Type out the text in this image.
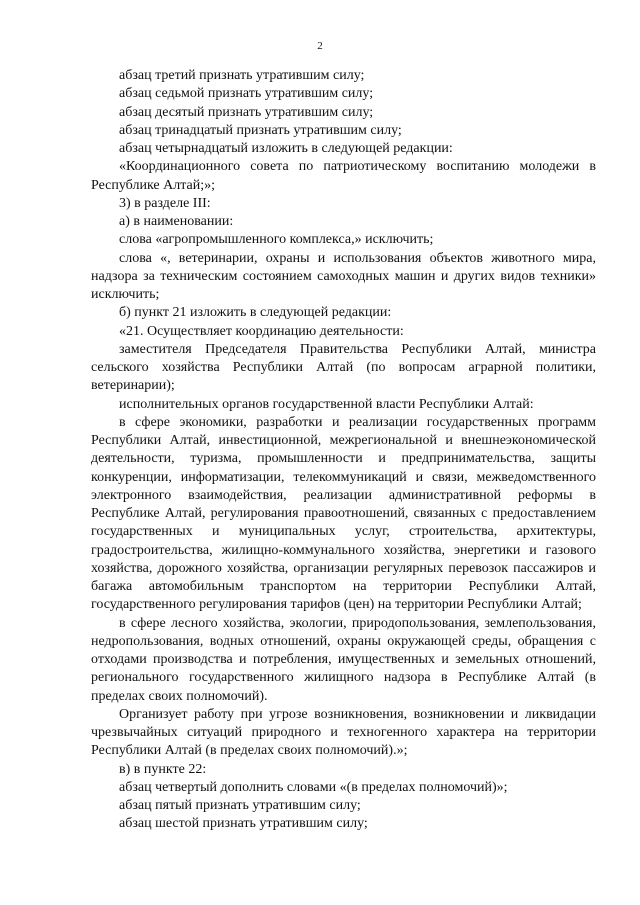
2

абзац третий признать утратившим силу;

абзац седьмой признать утратившим силу;

абзац десятый признать утратившим силу;

абзац тринадцатый признать утратившим силу;

абзац четырнадцатый изложить в следующей редакции:

«Координационного совета по патриотическому воспитанию молодежи в Республике Алтай;»;

3) в разделе III:

а) в наименовании:

слова «агропромышленного комплекса,» исключить;

слова «, ветеринарии, охраны и использования объектов животного мира, надзора за техническим состоянием самоходных машин и других видов техники» исключить;

б) пункт 21 изложить в следующей редакции:

«21. Осуществляет координацию деятельности:

заместителя Председателя Правительства Республики Алтай, министра сельского хозяйства Республики Алтай (по вопросам аграрной политики, ветеринарии);

исполнительных органов государственной власти Республики Алтай:

в сфере экономики, разработки и реализации государственных программ Республики Алтай, инвестиционной, межрегиональной и внешнеэкономической деятельности, туризма, промышленности и предпринимательства, защиты конкуренции, информатизации, телекоммуникаций и связи, межведомственного электронного взаимодействия, реализации административной реформы в Республике Алтай, регулирования правоотношений, связанных с предоставлением государственных и муниципальных услуг, строительства, архитектуры, градостроительства, жилищно-коммунального хозяйства, энергетики и газового хозяйства, дорожного хозяйства, организации регулярных перевозок пассажиров и багажа автомобильным транспортом на территории Республики Алтай, государственного регулирования тарифов (цен) на территории Республики Алтай;

в сфере лесного хозяйства, экологии, природопользования, землепользования, недропользования, водных отношений, охраны окружающей среды, обращения с отходами производства и потребления, имущественных и земельных отношений, регионального государственного жилищного надзора в Республике Алтай (в пределах своих полномочий).

Организует работу при угрозе возникновения, возникновении и ликвидации чрезвычайных ситуаций природного и техногенного характера на территории Республики Алтай (в пределах своих полномочий).»;

в) в пункте 22:

абзац четвертый дополнить словами «(в пределах полномочий)»;

абзац пятый признать утратившим силу;

абзац шестой признать утратившим силу;
